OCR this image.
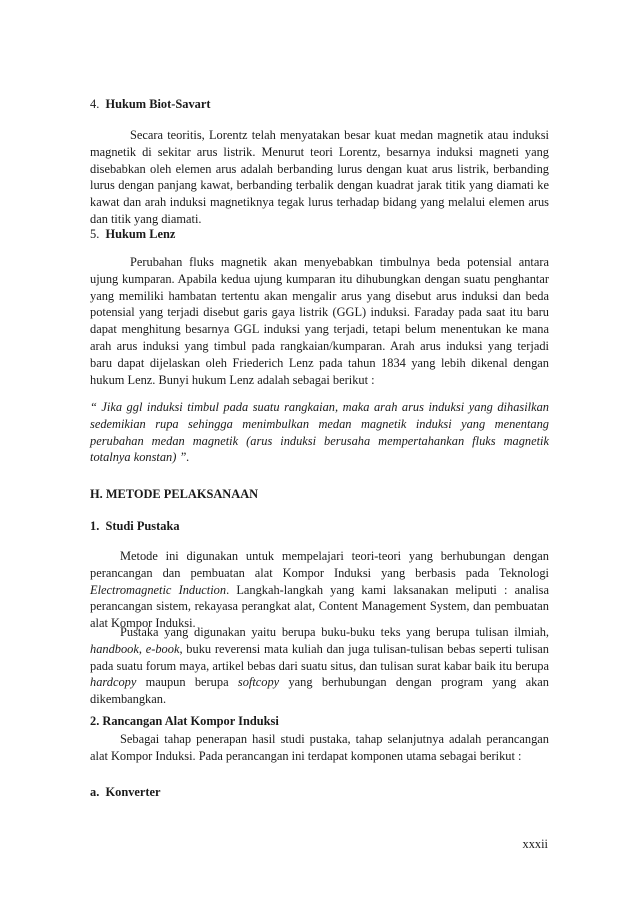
4. Hukum Biot-Savart

Secara teoritis, Lorentz telah menyatakan besar kuat medan magnetik atau induksi magnetik di sekitar arus listrik. Menurut teori Lorentz, besarnya induksi magneti yang disebabkan oleh elemen arus adalah berbanding lurus dengan kuat arus listrik, berbanding lurus dengan panjang kawat, berbanding terbalik dengan kuadrat jarak titik yang diamati ke kawat dan arah induksi magnetiknya tegak lurus terhadap bidang yang melalui elemen arus dan titik yang diamati.

5. Hukum Lenz

Perubahan fluks magnetik akan menyebabkan timbulnya beda potensial antara ujung kumparan. Apabila kedua ujung kumparan itu dihubungkan dengan suatu penghantar yang memiliki hambatan tertentu akan mengalir arus yang disebut arus induksi dan beda potensial yang terjadi disebut garis gaya listrik (GGL) induksi. Faraday pada saat itu baru dapat menghitung besarnya GGL induksi yang terjadi, tetapi belum menentukan ke mana arah arus induksi yang timbul pada rangkaian/kumparan. Arah arus induksi yang terjadi baru dapat dijelaskan oleh Friederich Lenz pada tahun 1834 yang lebih dikenal dengan hukum Lenz. Bunyi hukum Lenz adalah sebagai berikut :

“ Jika ggl induksi timbul pada suatu rangkaian, maka arah arus induksi yang dihasilkan sedemikian rupa sehingga menimbulkan medan magnetik induksi yang menentang perubahan medan magnetik (arus induksi berusaha mempertahankan fluks magnetik totalnya konstan) ”.

H. METODE PELAKSANAAN
1. Studi Pustaka

Metode ini digunakan untuk mempelajari teori-teori yang berhubungan dengan perancangan dan pembuatan alat Kompor Induksi yang berbasis pada Teknologi Electromagnetic Induction. Langkah-langkah yang kami laksanakan meliputi : analisa perancangan sistem, rekayasa perangkat alat, Content Management System, dan pembuatan alat Kompor Induksi.

Pustaka yang digunakan yaitu berupa buku-buku teks yang berupa tulisan ilmiah, handbook, e-book, buku reverensi mata kuliah dan juga tulisan-tulisan bebas seperti tulisan pada suatu forum maya, artikel bebas dari suatu situs, dan tulisan surat kabar baik itu berupa hardcopy maupun berupa softcopy yang berhubungan dengan program yang akan dikembangkan.

2. Rancangan Alat Kompor Induksi

Sebagai tahap penerapan hasil studi pustaka, tahap selanjutnya adalah perancangan alat Kompor Induksi. Pada perancangan ini terdapat komponen utama sebagai berikut :

a. Konverter
xxxii
